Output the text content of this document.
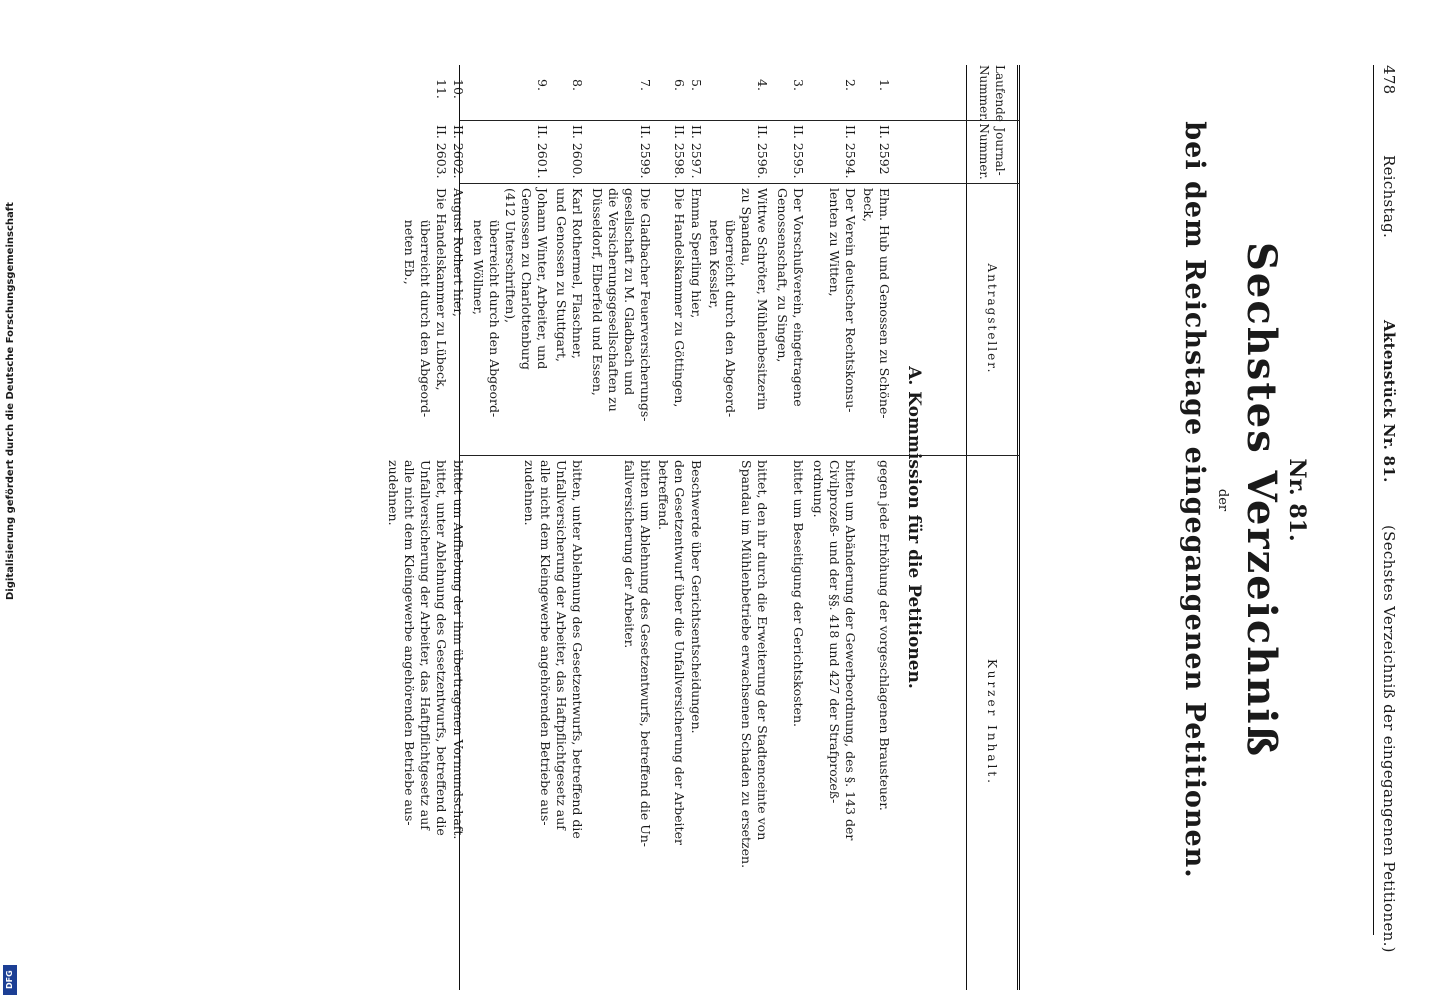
478
Reichstag.
Aktenstück Nr. 81.
(Sechstes Verzeichniß der eingegangenen Petitionen.)
Nr. 81.
Sechstes Verzeichniß
der
bei dem Reichstage eingegangenen Petitionen.
Laufende
Nummer.
Journal-
Nummer.
Antragsteller.
Kurzer Inhalt.
A. Kommission für die Petitionen.
1.
II. 2592
Ehm. Hub und Genossen zu Schöne-
beck,
gegen jede Erhöhung der vorgeschlagenen Brausteuer.
2.
II. 2594.
Der Verein deutscher Rechtskonsu-
lenten zu Witten,
bitten um Abänderung der Gewerbeordnung, des §. 143 der
Civilprozeß- und der §§. 418 und 427 der Strafprozeß-
ordnung.
3.
II. 2595.
Der Vorschußverein, eingetragene
Genossenschaft, zu Singen,
bittet um Beseitigung der Gerichtskosten.
4.
II. 2596.
Wittwe Schröter, Mühlenbesitzerin
zu Spandau,
überreicht durch den Abgeord-
neten Kessler,
bittet, den ihr durch die Erweiterung der Stadtenceinte von
Spandau im Mühlenbetriebe erwachsenen Schaden zu ersetzen.
5.
II. 2597.
Emma Sperling hier,
Beschwerde über Gerichtsentscheidungen.
6.
II. 2598.
Die Handelskammer zu Göttingen,
den Gesetzentwurf über die Unfallversicherung der Arbeiter
betreffend.
7.
II. 2599.
Die Gladbacher Feuerversicherungs-
gesellschaft zu M. Gladbach und
die Versicherungsgesellschaften zu
Düsseldorf, Elberfeld und Essen,
bitten um Ablehnung des Gesetzentwurfs, betreffend die Un-
fallversicherung der Arbeiter.
8.
II. 2600.
Karl Rothermel, Flaschner,
und Genossen zu Stuttgart,
bitten, unter Ablehnung des Gesetzentwurfs, betreffend die
Unfallversicherung der Arbeiter, das Haftpflichtgesetz auf
alle nicht dem Kleingewerbe angehörenden Betriebe aus-
zudehnen.
9.
II. 2601.
Johann Winter, Arbeiter, und
Genossen zu Charlottenburg
(412 Unterschriften),
überreicht durch den Abgeord-
neten Wöllmer,
10.
II. 2602.
August Rothert hier,
bittet um Aufhebung der ihm übertragenen Vormundschaft.
11.
II. 2603.
Die Handelskammer zu Lübeck,
überreicht durch den Abgeord-
neten Eb.,
bittet, unter Ablehnung des Gesetzentwurfs, betreffend die
Unfallversicherung der Arbeiter, das Haftpflichtgesetz auf
alle nicht dem Kleingewerbe angehörenden Betriebe aus-
zudehnen.
Digitalisierung gefördert durch die Deutsche Forschungsgemeinschaft
DFG
